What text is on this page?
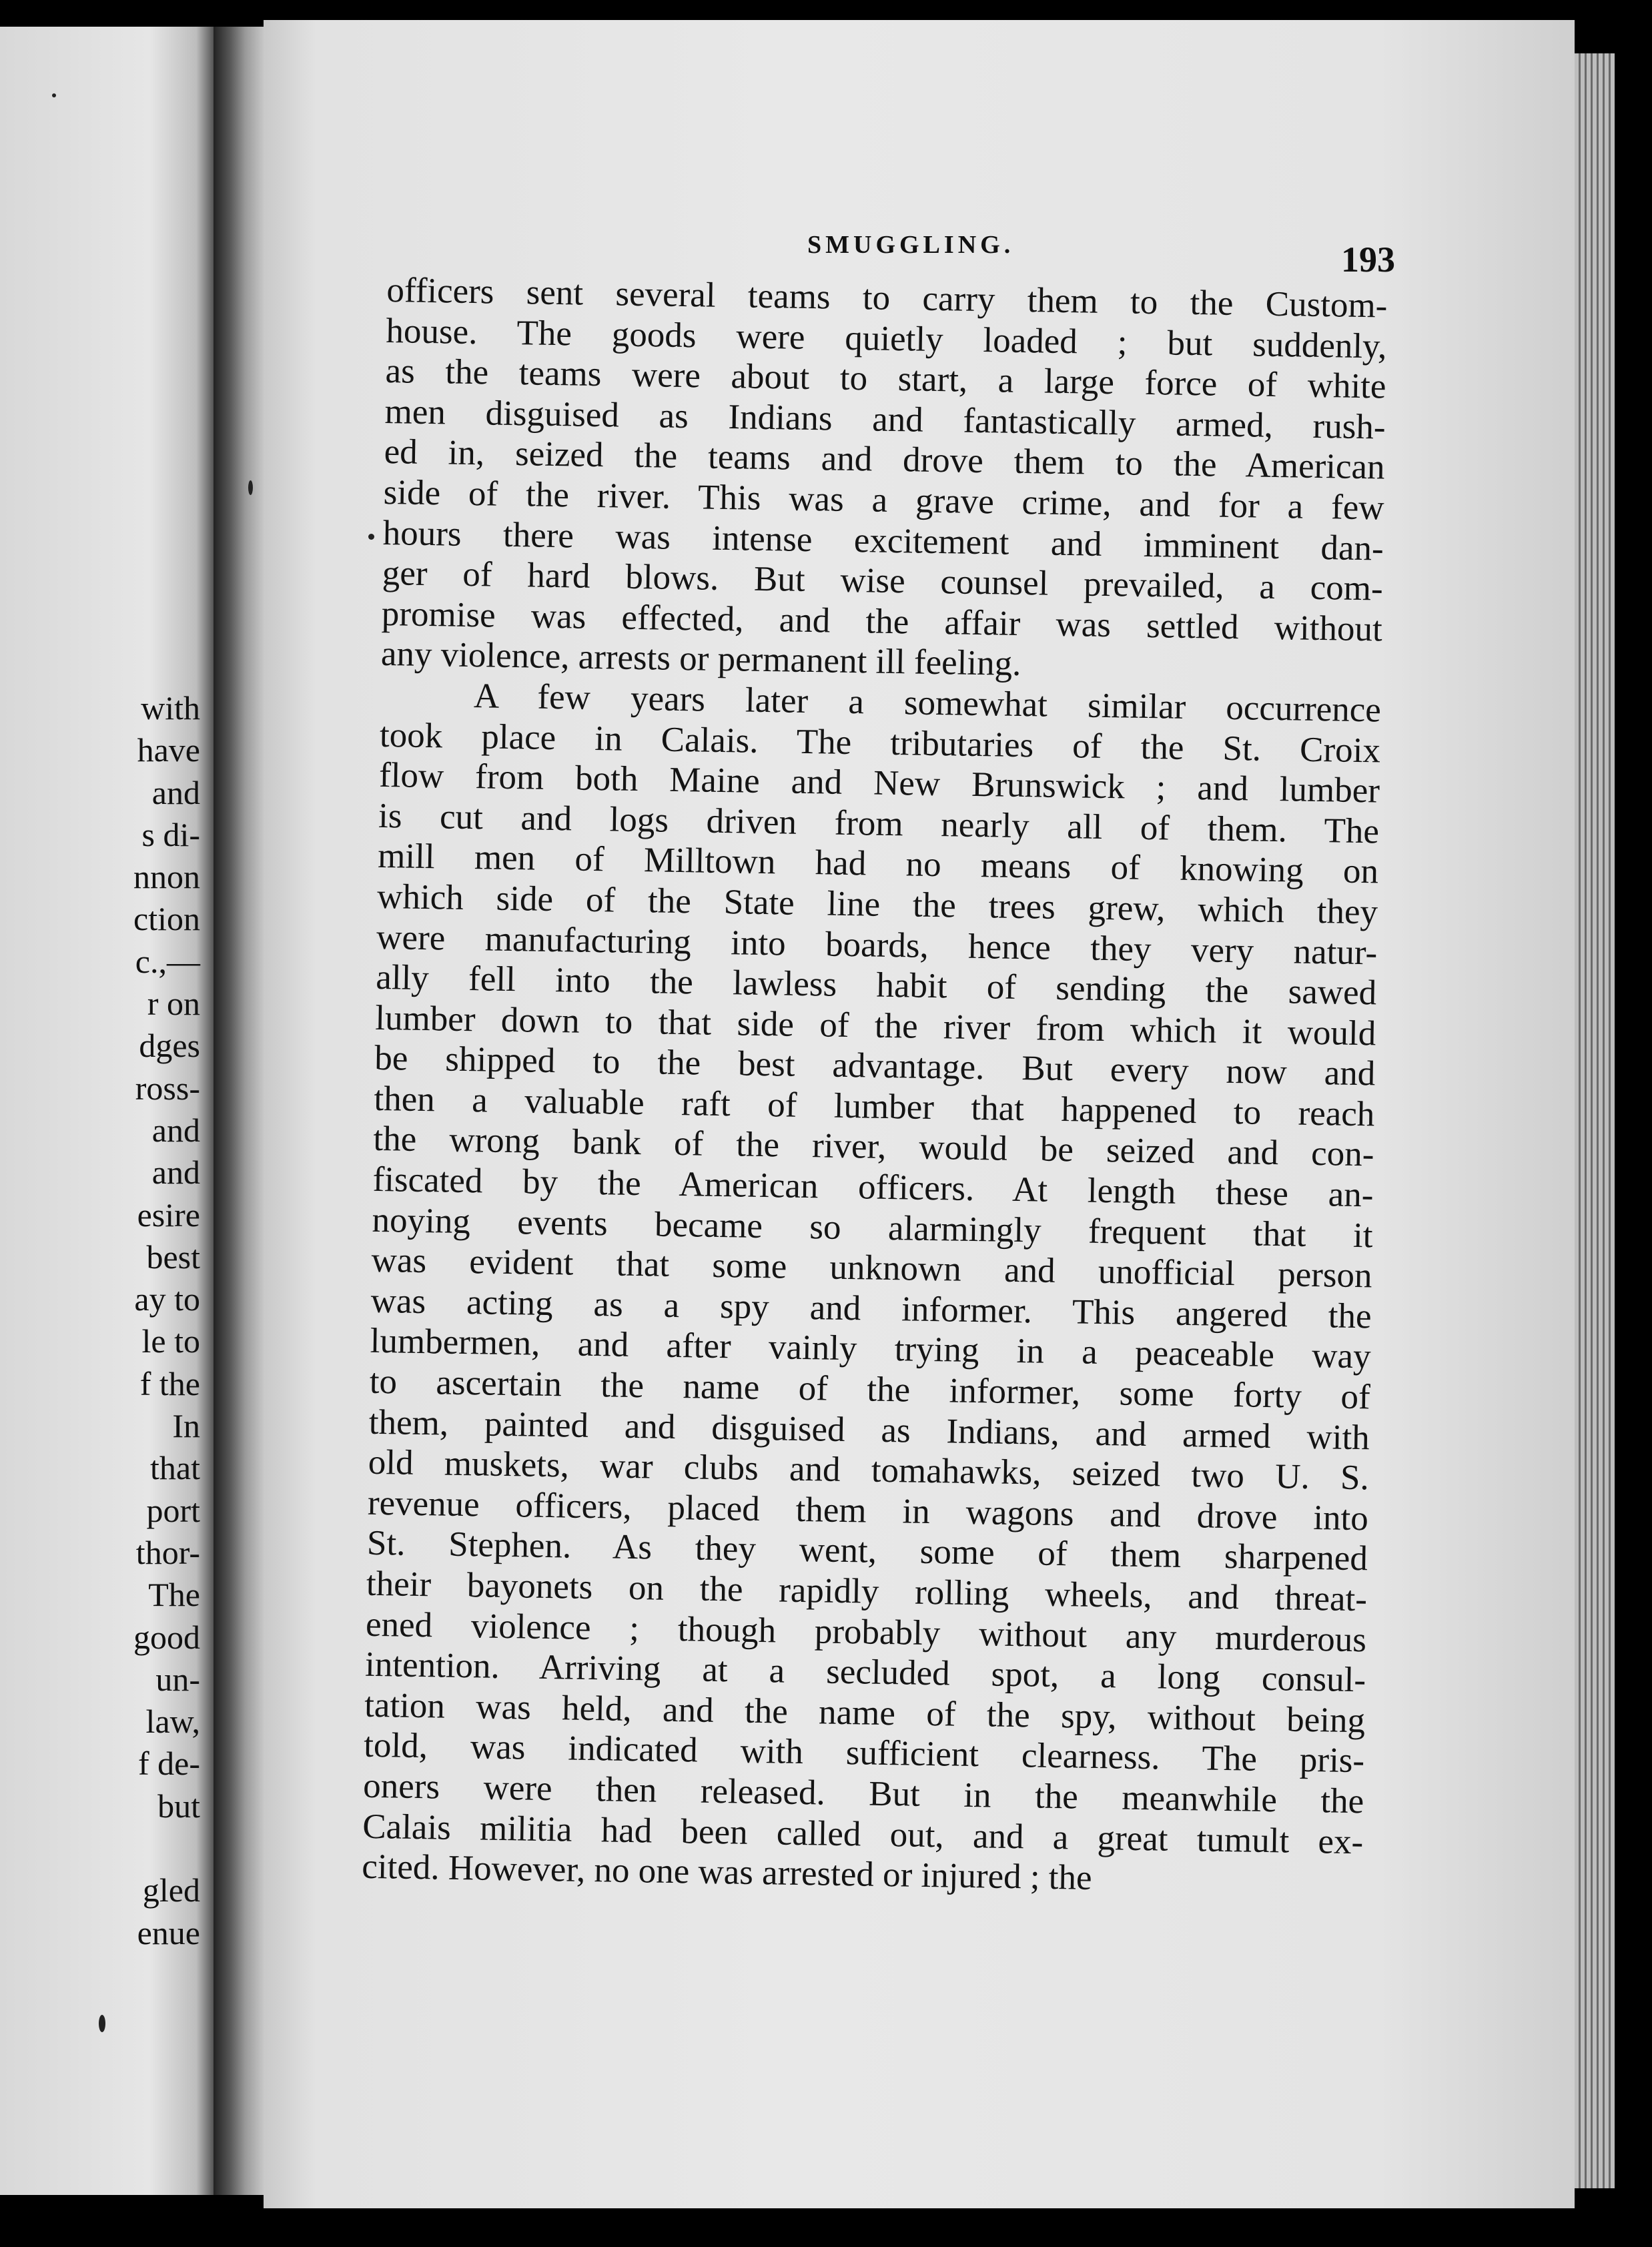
with
have
and
s di-
nnon
ction
c.,—
r on
dges
ross-
and
and
esire
best
ay to
le to
f the
In
that
port
thor-
The
good
un-
law,
f de-
but

gled
enue
SMUGGLING.	193
officers sent several teams to carry them to the Custom-
house. The goods were quietly loaded ; but suddenly,
as the teams were about to start, a large force of white
men disguised as Indians and fantastically armed, rush-
ed in, seized the teams and drove them to the American
side of the river. This was a grave crime, and for a few
hours there was intense excitement and imminent dan-
ger of hard blows. But wise counsel prevailed, a com-
promise was effected, and the affair was settled without
any violence, arrests or permanent ill feeling.
A few years later a somewhat similar occurrence
took place in Calais. The tributaries of the St. Croix
flow from both Maine and New Brunswick ; and lumber
is cut and logs driven from nearly all of them. The
mill men of Milltown had no means of knowing on
which side of the State line the trees grew, which they
were manufacturing into boards, hence they very natur-
ally fell into the lawless habit of sending the sawed
lumber down to that side of the river from which it would
be shipped to the best advantage. But every now and
then a valuable raft of lumber that happened to reach
the wrong bank of the river, would be seized and con-
fiscated by the American officers. At length these an-
noying events became so alarmingly frequent that it
was evident that some unknown and unofficial person
was acting as a spy and informer. This angered the
lumbermen, and after vainly trying in a peaceable way
to ascertain the name of the informer, some forty of
them, painted and disguised as Indians, and armed with
old muskets, war clubs and tomahawks, seized two U. S.
revenue officers, placed them in wagons and drove into
St. Stephen. As they went, some of them sharpened
their bayonets on the rapidly rolling wheels, and threat-
ened violence ; though probably without any murderous
intention. Arriving at a secluded spot, a long consul-
tation was held, and the name of the spy, without being
told, was indicated with sufficient clearness. The pris-
oners were then released. But in the meanwhile the
Calais militia had been called out, and a great tumult ex-
cited. However, no one was arrested or injured ; the
